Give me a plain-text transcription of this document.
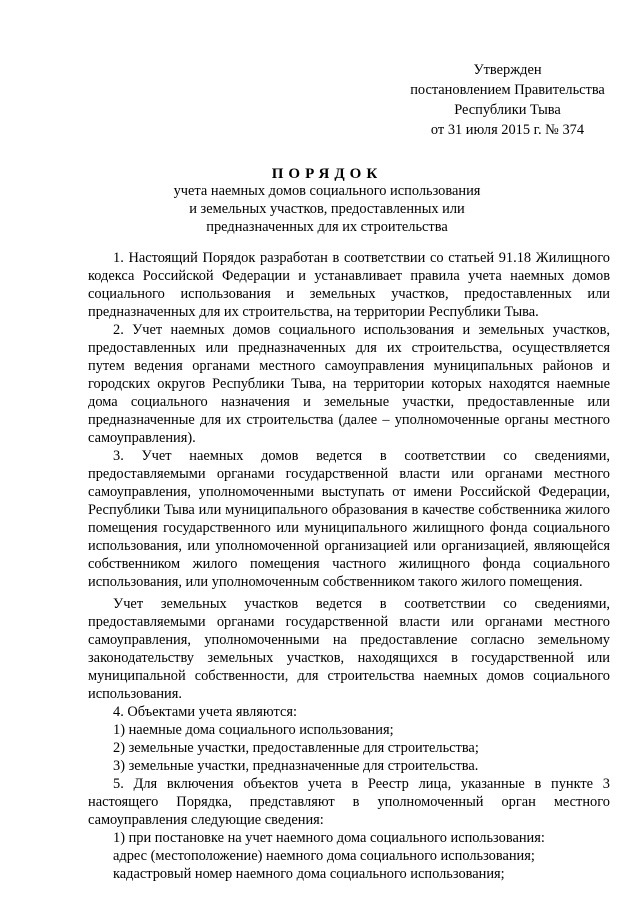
Утвержден
постановлением Правительства
Республики Тыва
от 31 июля 2015 г. № 374
ПОРЯДОК
учета наемных домов социального использования
и земельных участков, предоставленных или
предназначенных для их строительства

1. Настоящий Порядок разработан в соответствии со статьей 91.18 Жилищного кодекса Российской Федерации и устанавливает правила учета наемных домов социального использования и земельных участков, предоставленных или предназначенных для их строительства, на территории Республики Тыва.

2. Учет наемных домов социального использования и земельных участков, предоставленных или предназначенных для их строительства, осуществляется путем ведения органами местного самоуправления муниципальных районов и городских округов Республики Тыва, на территории которых находятся наемные дома социального назначения и земельные участки, предоставленные или предназначенные для их строительства (далее – уполномоченные органы местного самоуправления).

3. Учет наемных домов ведется в соответствии со сведениями, предоставляемыми органами государственной власти или органами местного самоуправления, уполномоченными выступать от имени Российской Федерации, Республики Тыва или муниципального образования в качестве собственника жилого помещения государственного или муниципального жилищного фонда социального использования, или уполномоченной организацией или организацией, являющейся собственником жилого помещения частного жилищного фонда социального использования, или уполномоченным собственником такого жилого помещения.

Учет земельных участков ведется в соответствии со сведениями, предоставляемыми органами государственной власти или органами местного самоуправления, уполномоченными на предоставление согласно земельному законодательству земельных участков, находящихся в государственной или муниципальной собственности, для строительства наемных домов социального использования.

4. Объектами учета являются:

1) наемные дома социального использования;

2) земельные участки, предоставленные для строительства;

3) земельные участки, предназначенные для строительства.

5. Для включения объектов учета в Реестр лица, указанные в пункте 3 настоящего Порядка, представляют в уполномоченный орган местного самоуправления следующие сведения:

1) при постановке на учет наемного дома социального использования:

адрес (местоположение) наемного дома социального использования;

кадастровый номер наемного дома социального использования;
